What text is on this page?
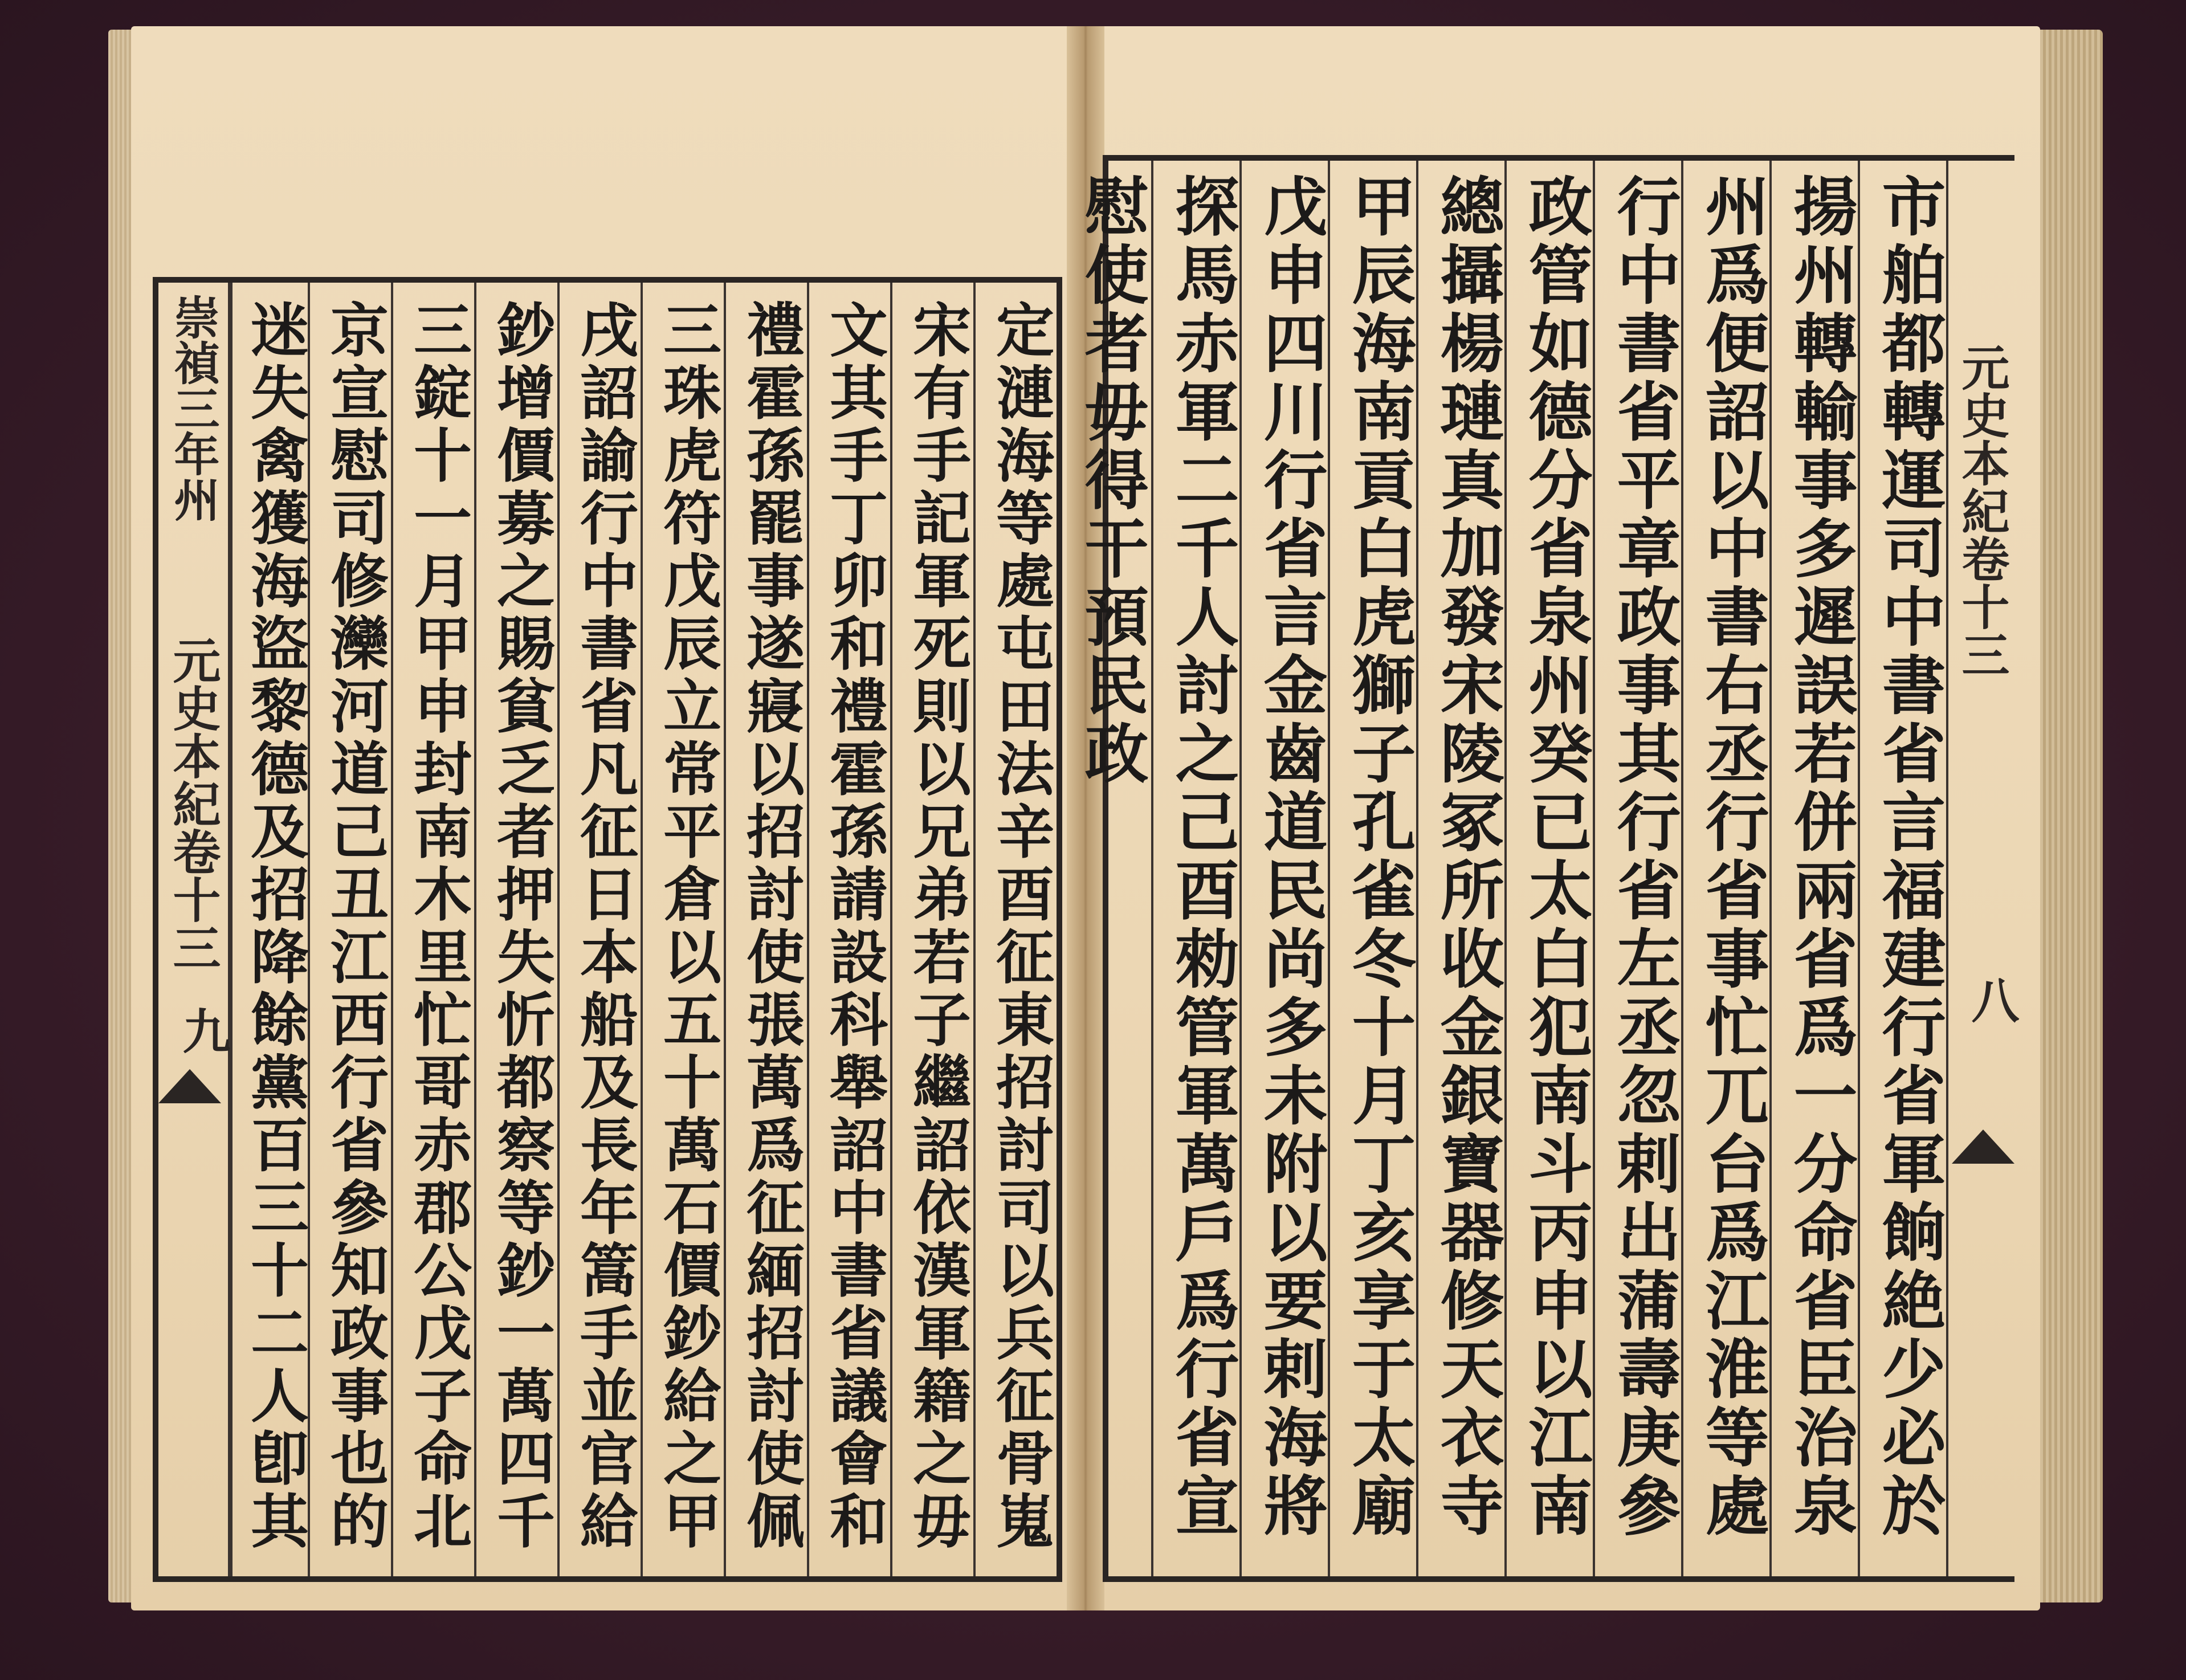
崇禎三年州
元史本紀卷十三
九	定漣海等處屯田法辛酉征東招討司以兵征骨嵬
宋有手記軍死則以兄弟若子繼詔依漢軍籍之毋
文其手丁卯和禮霍孫請設科舉詔中書省議會和
禮霍孫罷事遂寢以招討使張萬爲征緬招討使佩
三珠虎符戊辰立常平倉以五十萬石價鈔給之甲
戌詔諭行中書省凡征日本船及長年篙手並官給
鈔增價募之賜貧乏者押失忻都察等鈔一萬四千
三錠十一月甲申封南木里忙哥赤郡公戊子命北
京宣慰司修灤河道己丑江西行省參知政事也的
迷失禽獲海盜黎德及招降餘黨百三十二人卽其	元史本紀卷十三
八
市舶都轉運司中書省言福建行省軍餉絶少必於
揚州轉輸事多遲誤若併兩省爲一分命省臣治泉
州爲便詔以中書右丞行省事忙兀台爲江淮等處
行中書省平章政事其行省左丞忽剌出蒲壽庚參
政管如德分省泉州癸已太白犯南斗丙申以江南
總攝楊璉真加發宋陵冢所收金銀寶器修天衣寺
甲辰海南貢白虎獅子孔雀冬十月丁亥享于太廟
戊申四川行省言金齒道民尚多未附以要剌海將
探馬赤軍二千人討之己酉勑管軍萬戶爲行省宣
慰使者毋得干預民政
